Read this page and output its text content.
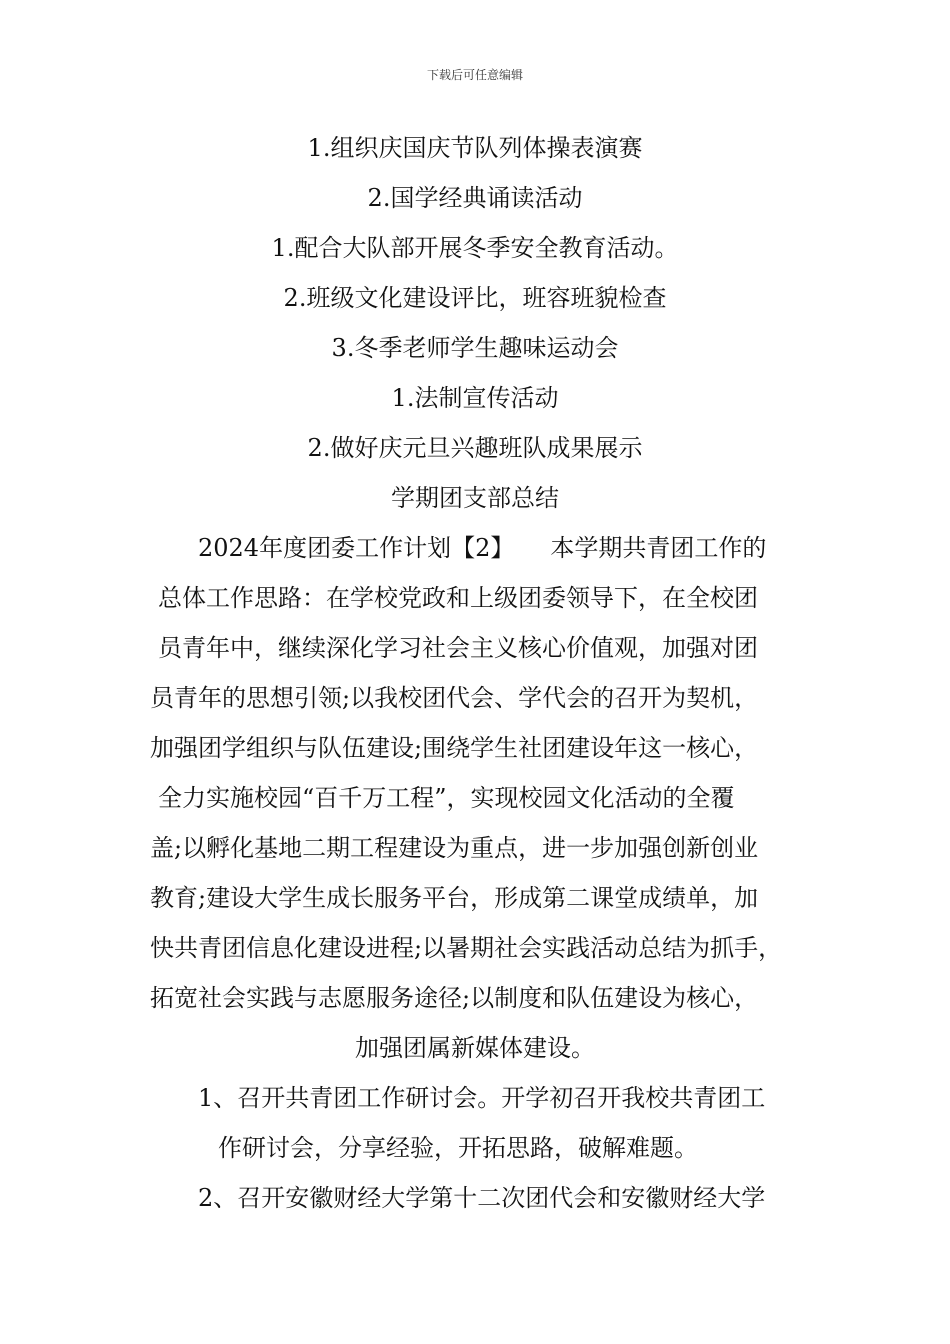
下载后可任意编辑
1.组织庆国庆节队列体操表演赛
2.国学经典诵读活动
1.配合大队部开展冬季安全教育活动。
2.班级文化建设评比，班容班貌检查
3.冬季老师学生趣味运动会
1.法制宣传活动
2.做好庆元旦兴趣班队成果展示
学期团支部总结
2024年度团委工作计划【2】　　本学期共青团工作的
总体工作思路：在学校党政和上级团委领导下，在全校团
员青年中，继续深化学习社会主义核心价值观，加强对团
员青年的思想引领;以我校团代会、学代会的召开为契机，
加强团学组织与队伍建设;围绕学生社团建设年这一核心，
全力实施校园“百千万工程”，实现校园文化活动的全覆
盖;以孵化基地二期工程建设为重点，进一步加强创新创业
教育;建设大学生成长服务平台，形成第二课堂成绩单，加
快共青团信息化建设进程;以暑期社会实践活动总结为抓手，
拓宽社会实践与志愿服务途径;以制度和队伍建设为核心，
加强团属新媒体建设。
1、召开共青团工作研讨会。开学初召开我校共青团工
作研讨会，分享经验，开拓思路，破解难题。
2、召开安徽财经大学第十二次团代会和安徽财经大学
